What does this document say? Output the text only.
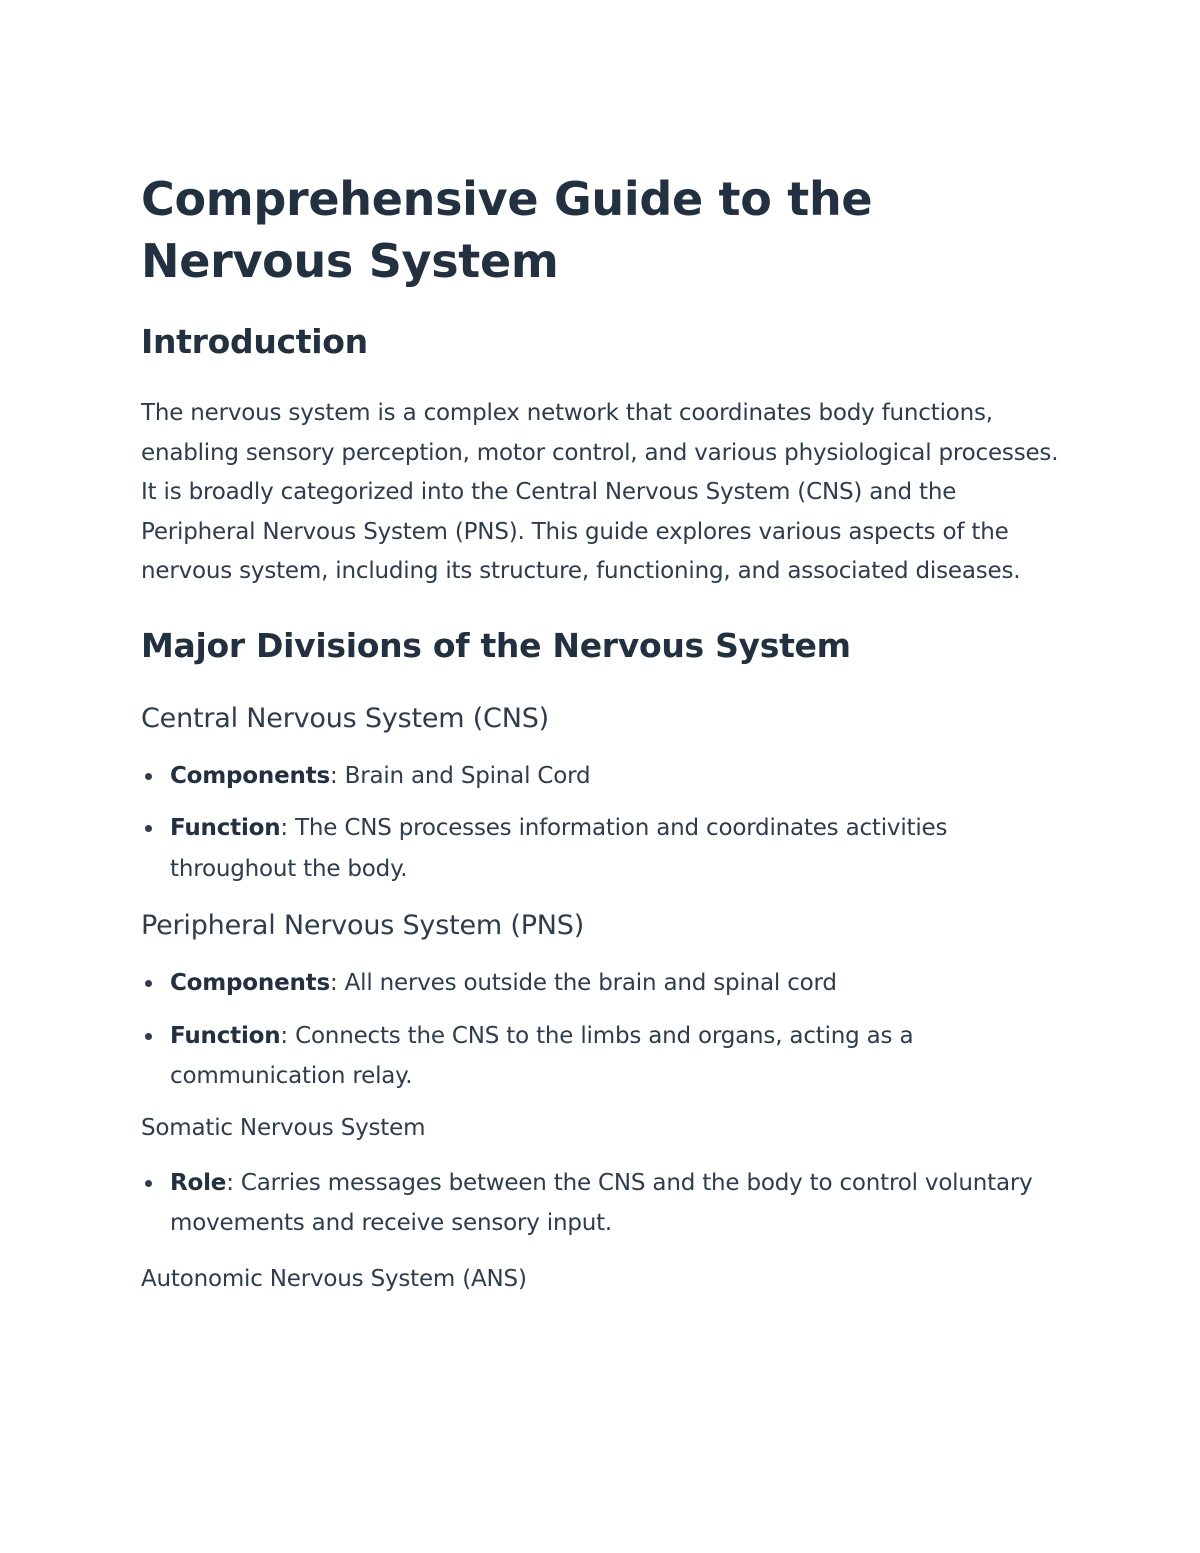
Comprehensive Guide to the Nervous System
Introduction

The nervous system is a complex network that coordinates body functions, enabling sensory perception, motor control, and various physiological processes. It is broadly categorized into the Central Nervous System (CNS) and the Peripheral Nervous System (PNS). This guide explores various aspects of the nervous system, including its structure, functioning, and associated diseases.

Major Divisions of the Nervous System
Central Nervous System (CNS)
Components: Brain and Spinal Cord
Function: The CNS processes information and coordinates activities throughout the body.
Peripheral Nervous System (PNS)
Components: All nerves outside the brain and spinal cord
Function: Connects the CNS to the limbs and organs, acting as a communication relay.
Somatic Nervous System
Role: Carries messages between the CNS and the body to control voluntary movements and receive sensory input.
Autonomic Nervous System (ANS)
